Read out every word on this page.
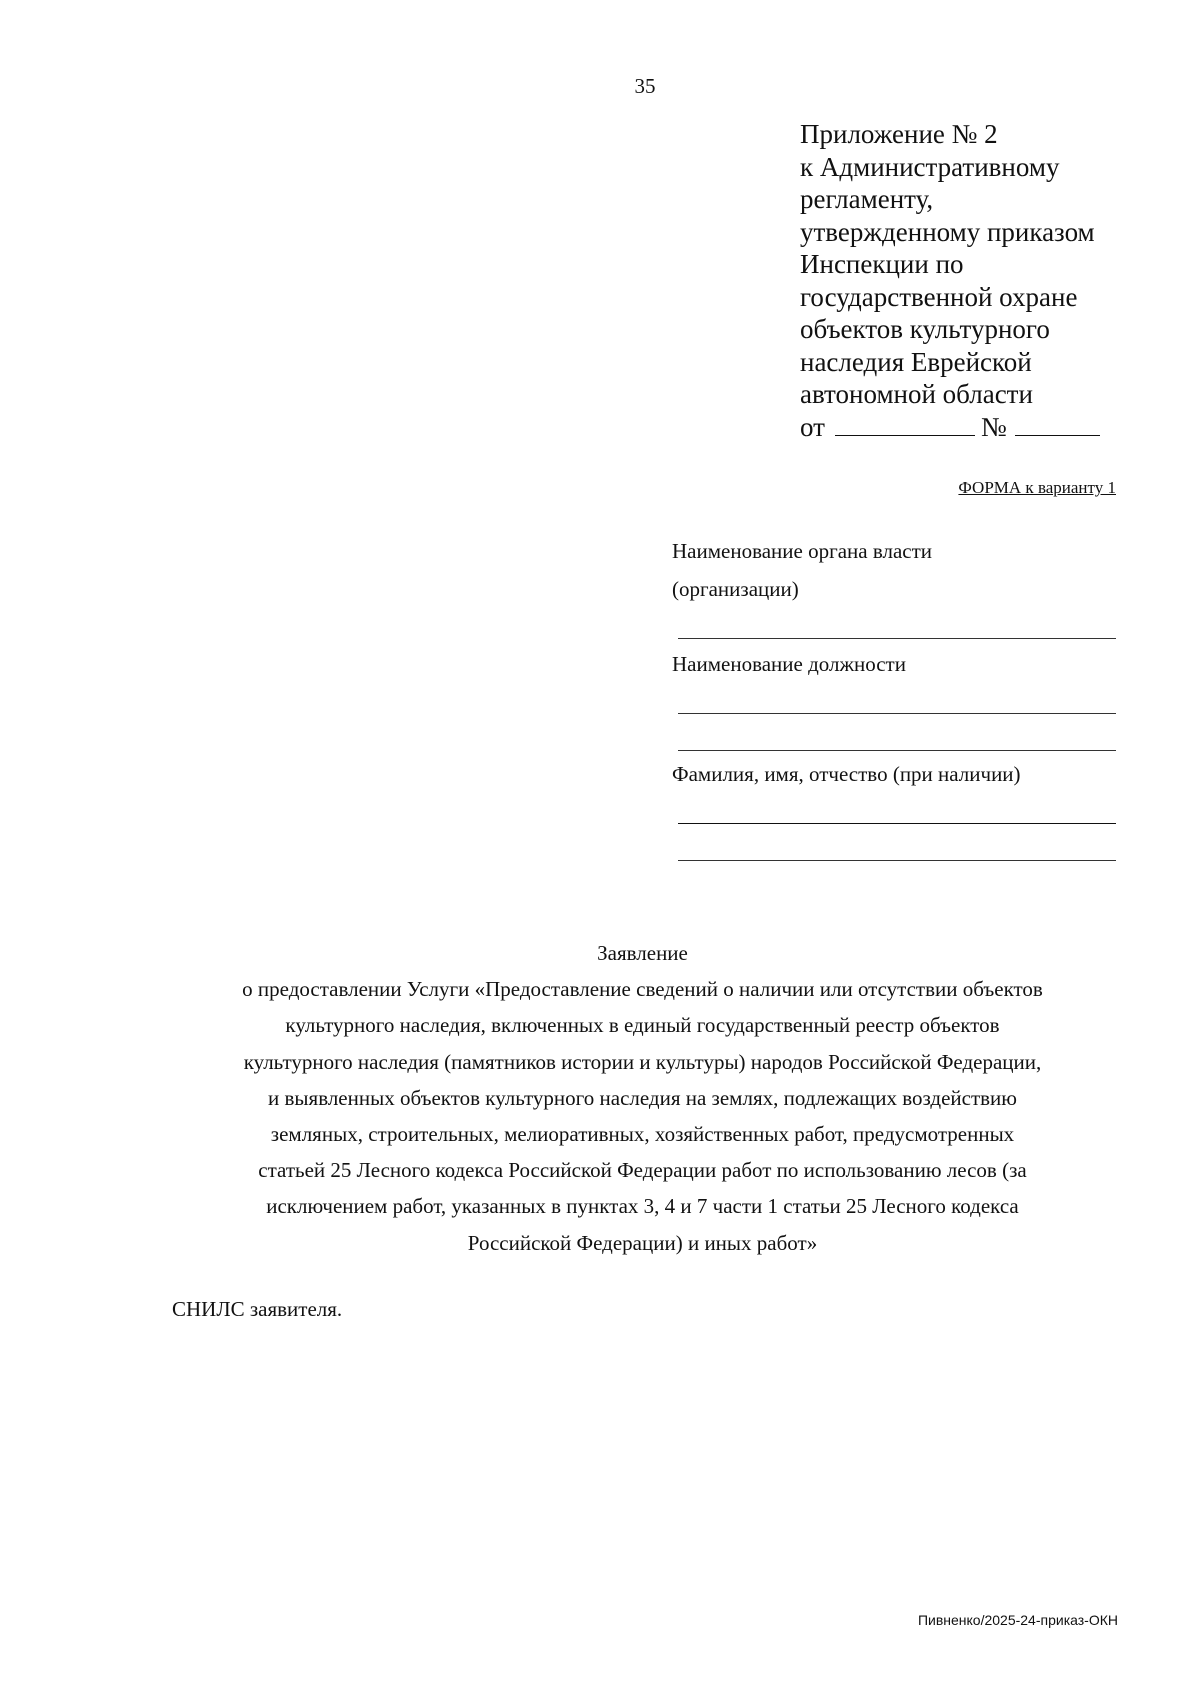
35
Приложение № 2
к Административному
регламенту,
утвержденному приказом
Инспекции по
государственной охране
объектов культурного
наследия Еврейской
автономной области
от	№
ФОРМА к варианту 1
Наименование органа власти
(организации)
Наименование должности
Фамилия, имя, отчество (при наличии)
Заявление
о предоставлении Услуги «Предоставление сведений о наличии или отсутствии объектов
культурного наследия, включенных в единый государственный реестр объектов
культурного наследия (памятников истории и культуры) народов Российской Федерации,
и выявленных объектов культурного наследия на землях, подлежащих воздействию
земляных, строительных, мелиоративных, хозяйственных работ, предусмотренных
статьей 25 Лесного кодекса Российской Федерации работ по использованию лесов (за
исключением работ, указанных в пунктах 3, 4 и 7 части 1 статьи 25 Лесного кодекса
Российской Федерации) и иных работ»
СНИЛС заявителя.
Пивненко/2025-24-приказ-ОКН
